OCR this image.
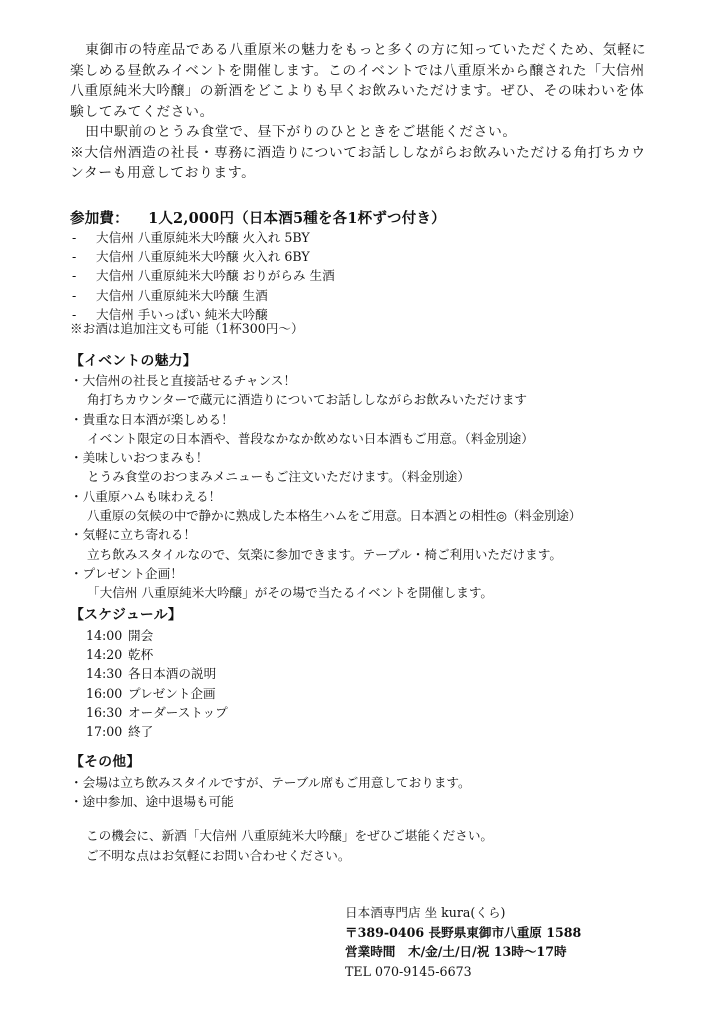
東御市の特産品である八重原米の魅力をもっと多くの方に知っていただくため、気軽に楽しめる昼飲みイベントを開催します。このイベントでは八重原米から醸された「大信州 八重原純米大吟醸」の新酒をどこよりも早くお飲みいただけます。ぜひ、その味わいを体験してみてください。

田中駅前のとうみ食堂で、昼下がりのひとときをご堪能ください。

※大信州酒造の社長・専務に酒造りについてお話ししながらお飲みいただける角打ちカウンターも用意しております。

参加費： 1人2,000円（日本酒5種を各1杯ずつ付き）
- 大信州 八重原純米大吟醸 火入れ 5BY
- 大信州 八重原純米大吟醸 火入れ 6BY
- 大信州 八重原純米大吟醸 おりがらみ 生酒
- 大信州 八重原純米大吟醸 生酒
- 大信州 手いっぱい 純米大吟醸
※お酒は追加注文も可能（1杯300円〜）
【イベントの魅力】
・大信州の社長と直接話せるチャンス！
角打ちカウンターで蔵元に酒造りについてお話ししながらお飲みいただけます
・貴重な日本酒が楽しめる！
イベント限定の日本酒や、普段なかなか飲めない日本酒もご用意。（料金別途）
・美味しいおつまみも！
とうみ食堂のおつまみメニューもご注文いただけます。（料金別途）
・八重原ハムも味わえる！
八重原の気候の中で静かに熟成した本格生ハムをご用意。日本酒との相性◎（料金別途）
・気軽に立ち寄れる！
立ち飲みスタイルなので、気楽に参加できます。テーブル・椅ご利用いただけます。
・プレゼント企画！
「大信州 八重原純米大吟醸」がその場で当たるイベントを開催します。
【スケジュール】
14:00 開会
14:20 乾杯
14:30 各日本酒の説明
16:00 プレゼント企画
16:30 オーダーストップ
17:00 終了
【その他】
・会場は立ち飲みスタイルですが、テーブル席もご用意しております。
・途中参加、途中退場も可能
この機会に、新酒「大信州 八重原純米大吟醸」をぜひご堪能ください。
ご不明な点はお気軽にお問い合わせください。
日本酒専門店 坐 kura(くら)
〒389-0406 長野県東御市八重原 1588
営業時間　木/金/土/日/祝 13時〜17時
TEL 070-9145-6673
